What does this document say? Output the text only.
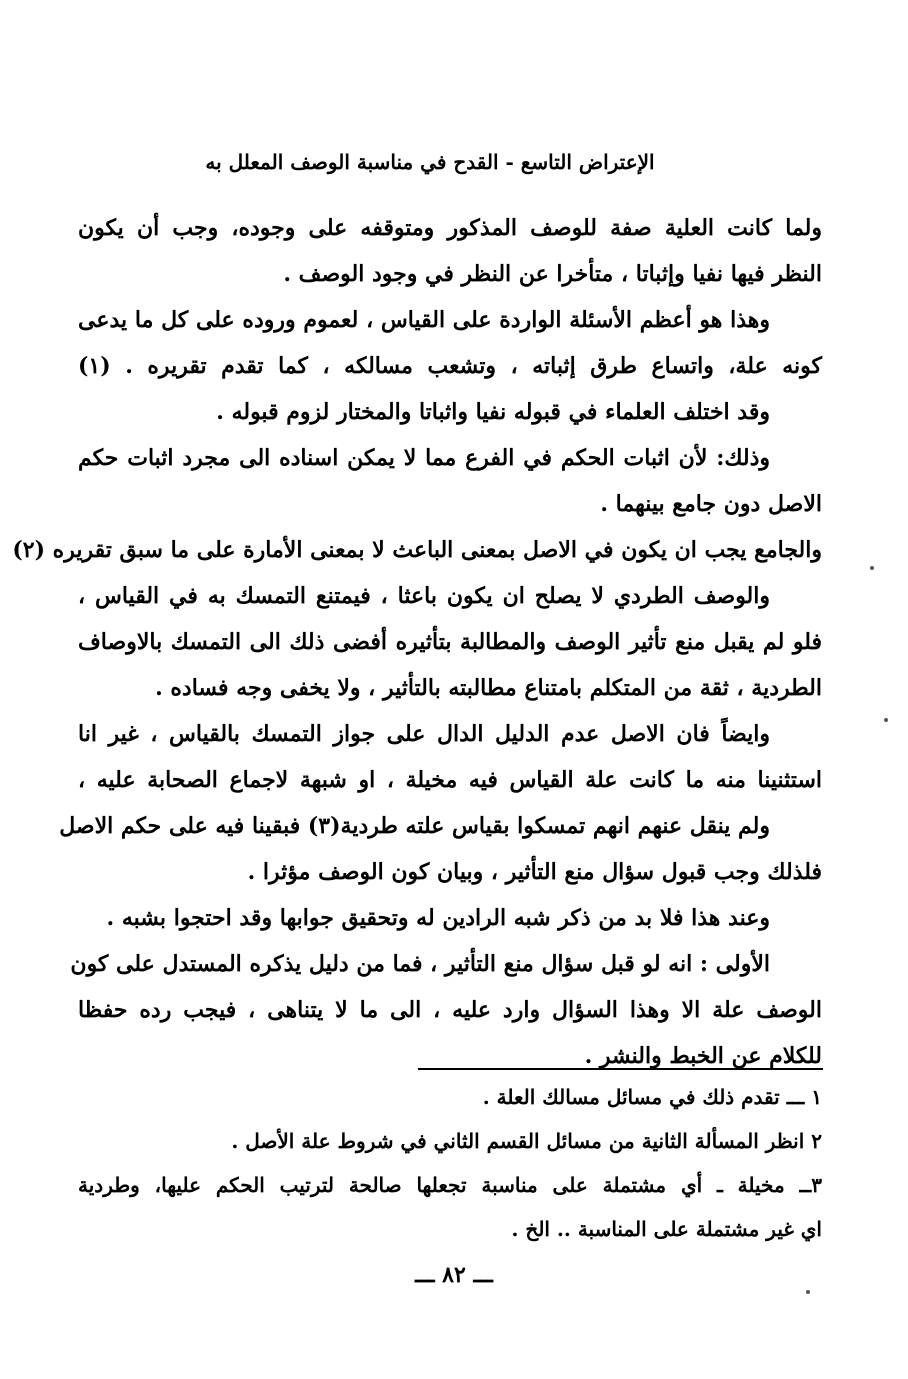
الإعتراض التاسع - القدح في مناسبة الوصف المعلل به
ولما كانت العلية صفة للوصف المذكور ومتوقفه على وجوده، وجب أن يكون
النظر فيها نفيا وإثباتا ، متأخرا عن النظر في وجود الوصف .
وهذا هو أعظم الأسئلة الواردة على القياس ، لعموم وروده على كل ما يدعى
كونه علة، واتساع طرق إثباته ، وتشعب مسالكه ، كما تقدم تقريره . (١)
وقد اختلف العلماء في قبوله نفيا واثباتا والمختار لزوم قبوله .
وذلك: لأن اثبات الحكم في الفرع مما لا يمكن اسناده الى مجرد اثبات حكم
الاصل دون جامع بينهما .
والجامع يجب ان يكون في الاصل بمعنى الباعث لا بمعنى الأمارة على ما سبق تقريره (٢)
والوصف الطردي لا يصلح ان يكون باعثا ، فيمتنع التمسك به في القياس ،
فلو لم يقبل منع تأثير الوصف والمطالبة بتأثيره أفضى ذلك الى التمسك بالاوصاف
الطردية ، ثقة من المتكلم بامتناع مطالبته بالتأثير ، ولا يخفى وجه فساده .
وايضاً فان الاصل عدم الدليل الدال على جواز التمسك بالقياس ، غير انا
استثنينا منه ما كانت علة القياس فيه مخيلة ، او شبهة لاجماع الصحابة عليه ،
ولم ينقل عنهم انهم تمسكوا بقياس علته طردية(٣) فبقينا فيه على حكم الاصل
فلذلك وجب قبول سؤال منع التأثير ، وبيان كون الوصف مؤثرا .
وعند هذا فلا بد من ذكر شبه الرادين له وتحقيق جوابها وقد احتجوا بشبه .
الأولى : انه لو قبل سؤال منع التأثير ، فما من دليل يذكره المستدل على كون
الوصف علة الا وهذا السؤال وارد عليه ، الى ما لا يتناهى ، فيجب رده حفظا
للكلام عن الخبط والنشر .
١ ـــ تقدم ذلك في مسائل مسالك العلة .
٢ انظر المسألة الثانية من مسائل القسم الثاني في شروط علة الأصل .
٣ــ مخيلة ـ أي مشتملة على مناسبة تجعلها صالحة لترتيب الحكم عليها، وطردية
اي غير مشتملة على المناسبة .. الخ .
ـــ ٨٢ ـــ
